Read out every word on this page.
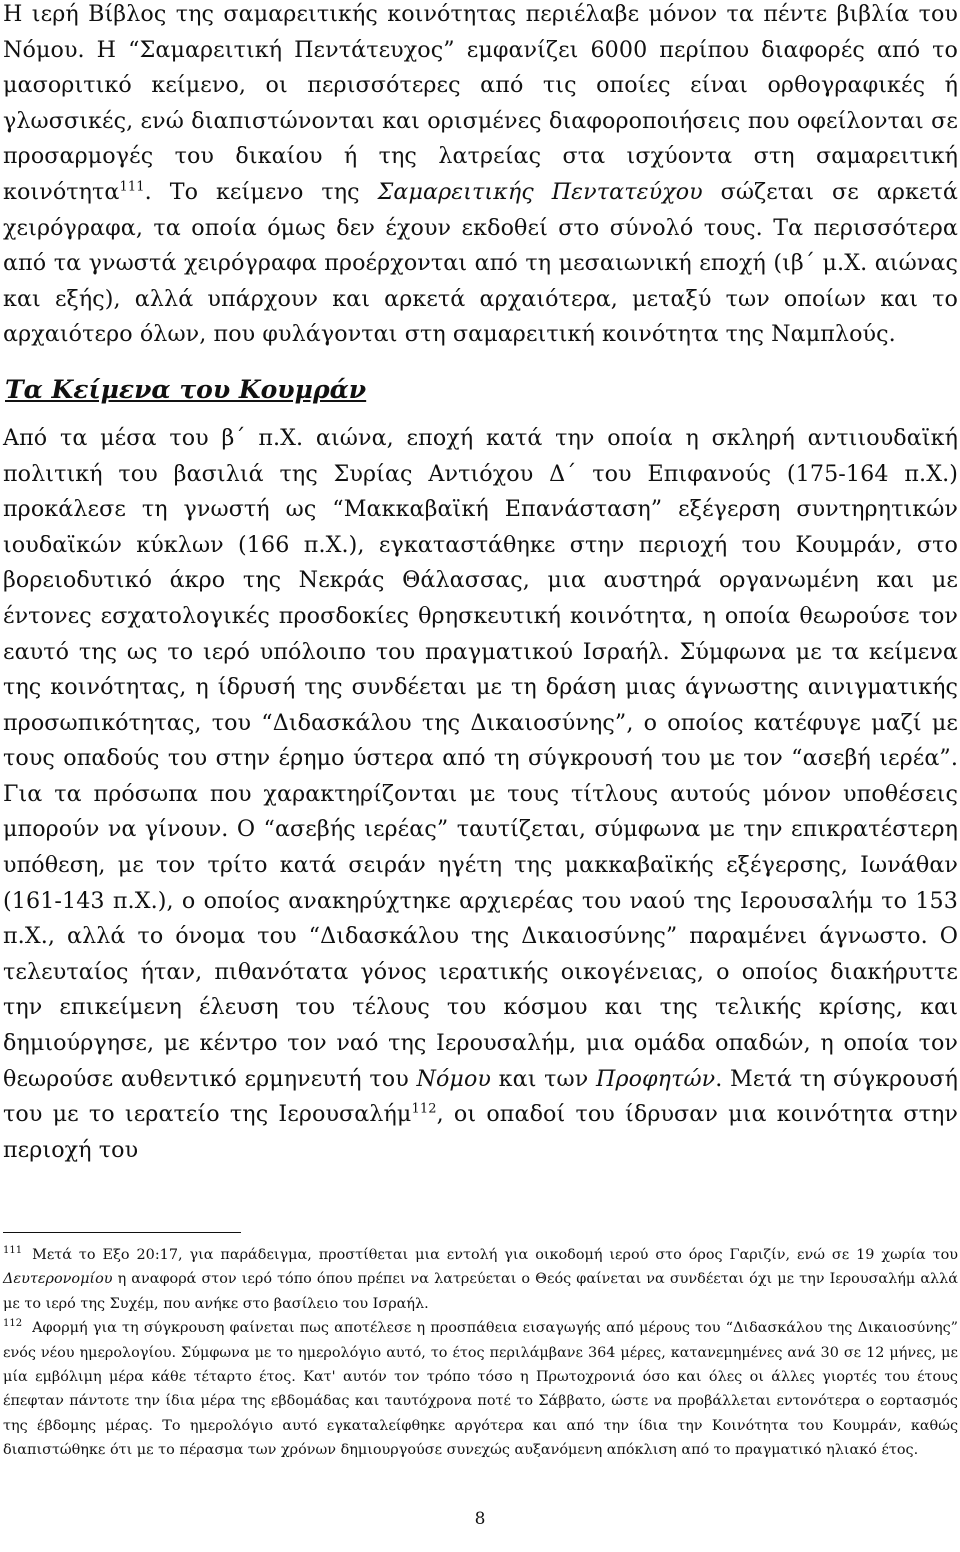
Η ιερή Βίβλος της σαμαρειτικής κοινότητας περιέλαβε μόνον τα πέντε βιβλία του Νόμου. Η “Σαμαρειτική Πεντάτευχος” εμφανίζει 6000 περίπου διαφορές από το μασοριτικό κείμενο, οι περισσότερες από τις οποίες είναι ορθογραφικές ή γλωσσικές, ενώ διαπιστώνονται και ορισμένες διαφοροποιήσεις που οφείλονται σε προσαρμογές του δικαίου ή της λατρείας στα ισχύοντα στη σαμαρειτική κοινότητα$^{111}$. Το κείμενο της Σαμαρειτικής Πεντατεύχου σώζεται σε αρκετά χειρόγραφα, τα οποία όμως δεν έχουν εκδοθεί στο σύνολό τους. Τα περισσότερα από τα γνωστά χειρόγραφα προέρχονται από τη μεσαιωνική εποχή (ιβ΄ μ.Χ. αιώνας και εξής), αλλά υπάρχουν και αρκετά αρχαιότερα, μεταξύ των οποίων και το αρχαιότερο όλων, που φυλάγονται στη σαμαρειτική κοινότητα της Ναμπλούς.

Τα Κείμενα του Κουμράν

Από τα μέσα του β΄ π.Χ. αιώνα, εποχή κατά την οποία η σκληρή αντιιουδαϊκή πολιτική του βασιλιά της Συρίας Αντιόχου Δ΄ του Επιφανούς (175-164 π.Χ.) προκάλεσε τη γνωστή ως “Μακκαβαϊκή Επανάσταση” εξέγερση συντηρητικών ιουδαϊκών κύκλων (166 π.Χ.), εγκαταστάθηκε στην περιοχή του Κουμράν, στο βορειοδυτικό άκρο της Νεκράς Θάλασσας, μια αυστηρά οργανωμένη και με έντονες εσχατολογικές προσδοκίες θρησκευτική κοινότητα, η οποία θεωρούσε τον εαυτό της ως το ιερό υπόλοιπο του πραγματικού Ισραήλ. Σύμφωνα με τα κείμενα της κοινότητας, η ίδρυσή της συνδέεται με τη δράση μιας άγνωστης αινιγματικής προσωπικότητας, του “Διδασκάλου της Δικαιοσύνης”, ο οποίος κατέφυγε μαζί με τους οπαδούς του στην έρημο ύστερα από τη σύγκρουσή του με τον “ασεβή ιερέα”. Για τα πρόσωπα που χαρακτηρίζονται με τους τίτλους αυτούς μόνον υποθέσεις μπορούν να γίνουν. Ο “ασεβής ιερέας” ταυτίζεται, σύμφωνα με την επικρατέστερη υπόθεση, με τον τρίτο κατά σειράν ηγέτη της μακκαβαϊκής εξέγερσης, Ιωνάθαν (161-143 π.Χ.), ο οποίος ανακηρύχτηκε αρχιερέας του ναού της Ιερουσαλήμ το 153 π.Χ., αλλά το όνομα του “Διδασκάλου της Δικαιοσύνης” παραμένει άγνωστο. Ο τελευταίος ήταν, πιθανότατα γόνος ιερατικής οικογένειας, ο οποίος διακήρυττε την επικείμενη έλευση του τέλους του κόσμου και της τελικής κρίσης, και δημιούργησε, με κέντρο τον ναό της Ιερουσαλήμ, μια ομάδα οπαδών, η οποία τον θεωρούσε αυθεντικό ερμηνευτή του Νόμου και των Προφητών. Μετά τη σύγκρουσή του με το ιερατείο της Ιερουσαλήμ$^{112}$, οι οπαδοί του ίδρυσαν μια κοινότητα στην περιοχή του

$^{111}$ Μετά το Εξο 20:17, για παράδειγμα, προστίθεται μια εντολή για οικοδομή ιερού στο όρος Γαριζίν, ενώ σε 19 χωρία του Δευτερονομίου η αναφορά στον ιερό τόπο όπου πρέπει να λατρεύεται ο Θεός φαίνεται να συνδέεται όχι με την Ιερουσαλήμ αλλά με το ιερό της Συχέμ, που ανήκε στο βασίλειο του Ισραήλ.

$^{112}$ Αφορμή για τη σύγκρουση φαίνεται πως αποτέλεσε η προσπάθεια εισαγωγής από μέρους του “Διδασκάλου της Δικαιοσύνης” ενός νέου ημερολογίου. Σύμφωνα με το ημερολόγιο αυτό, το έτος περιλάμβανε 364 μέρες, κατανεμημένες ανά 30 σε 12 μήνες, με μία εμβόλιμη μέρα κάθε τέταρτο έτος. Κατ' αυτόν τον τρόπο τόσο η Πρωτοχρονιά όσο και όλες οι άλλες γιορτές του έτους έπεφταν πάντοτε την ίδια μέρα της εβδομάδας και ταυτόχρονα ποτέ το Σάββατο, ώστε να προβάλλεται εντονότερα ο εορτασμός της έβδομης μέρας. Το ημερολόγιο αυτό εγκαταλείφθηκε αργότερα και από την ίδια την Κοινότητα του Κουμράν, καθώς διαπιστώθηκε ότι με το πέρασμα των χρόνων δημιουργούσε συνεχώς αυξανόμενη απόκλιση από το πραγματικό ηλιακό έτος.

8
